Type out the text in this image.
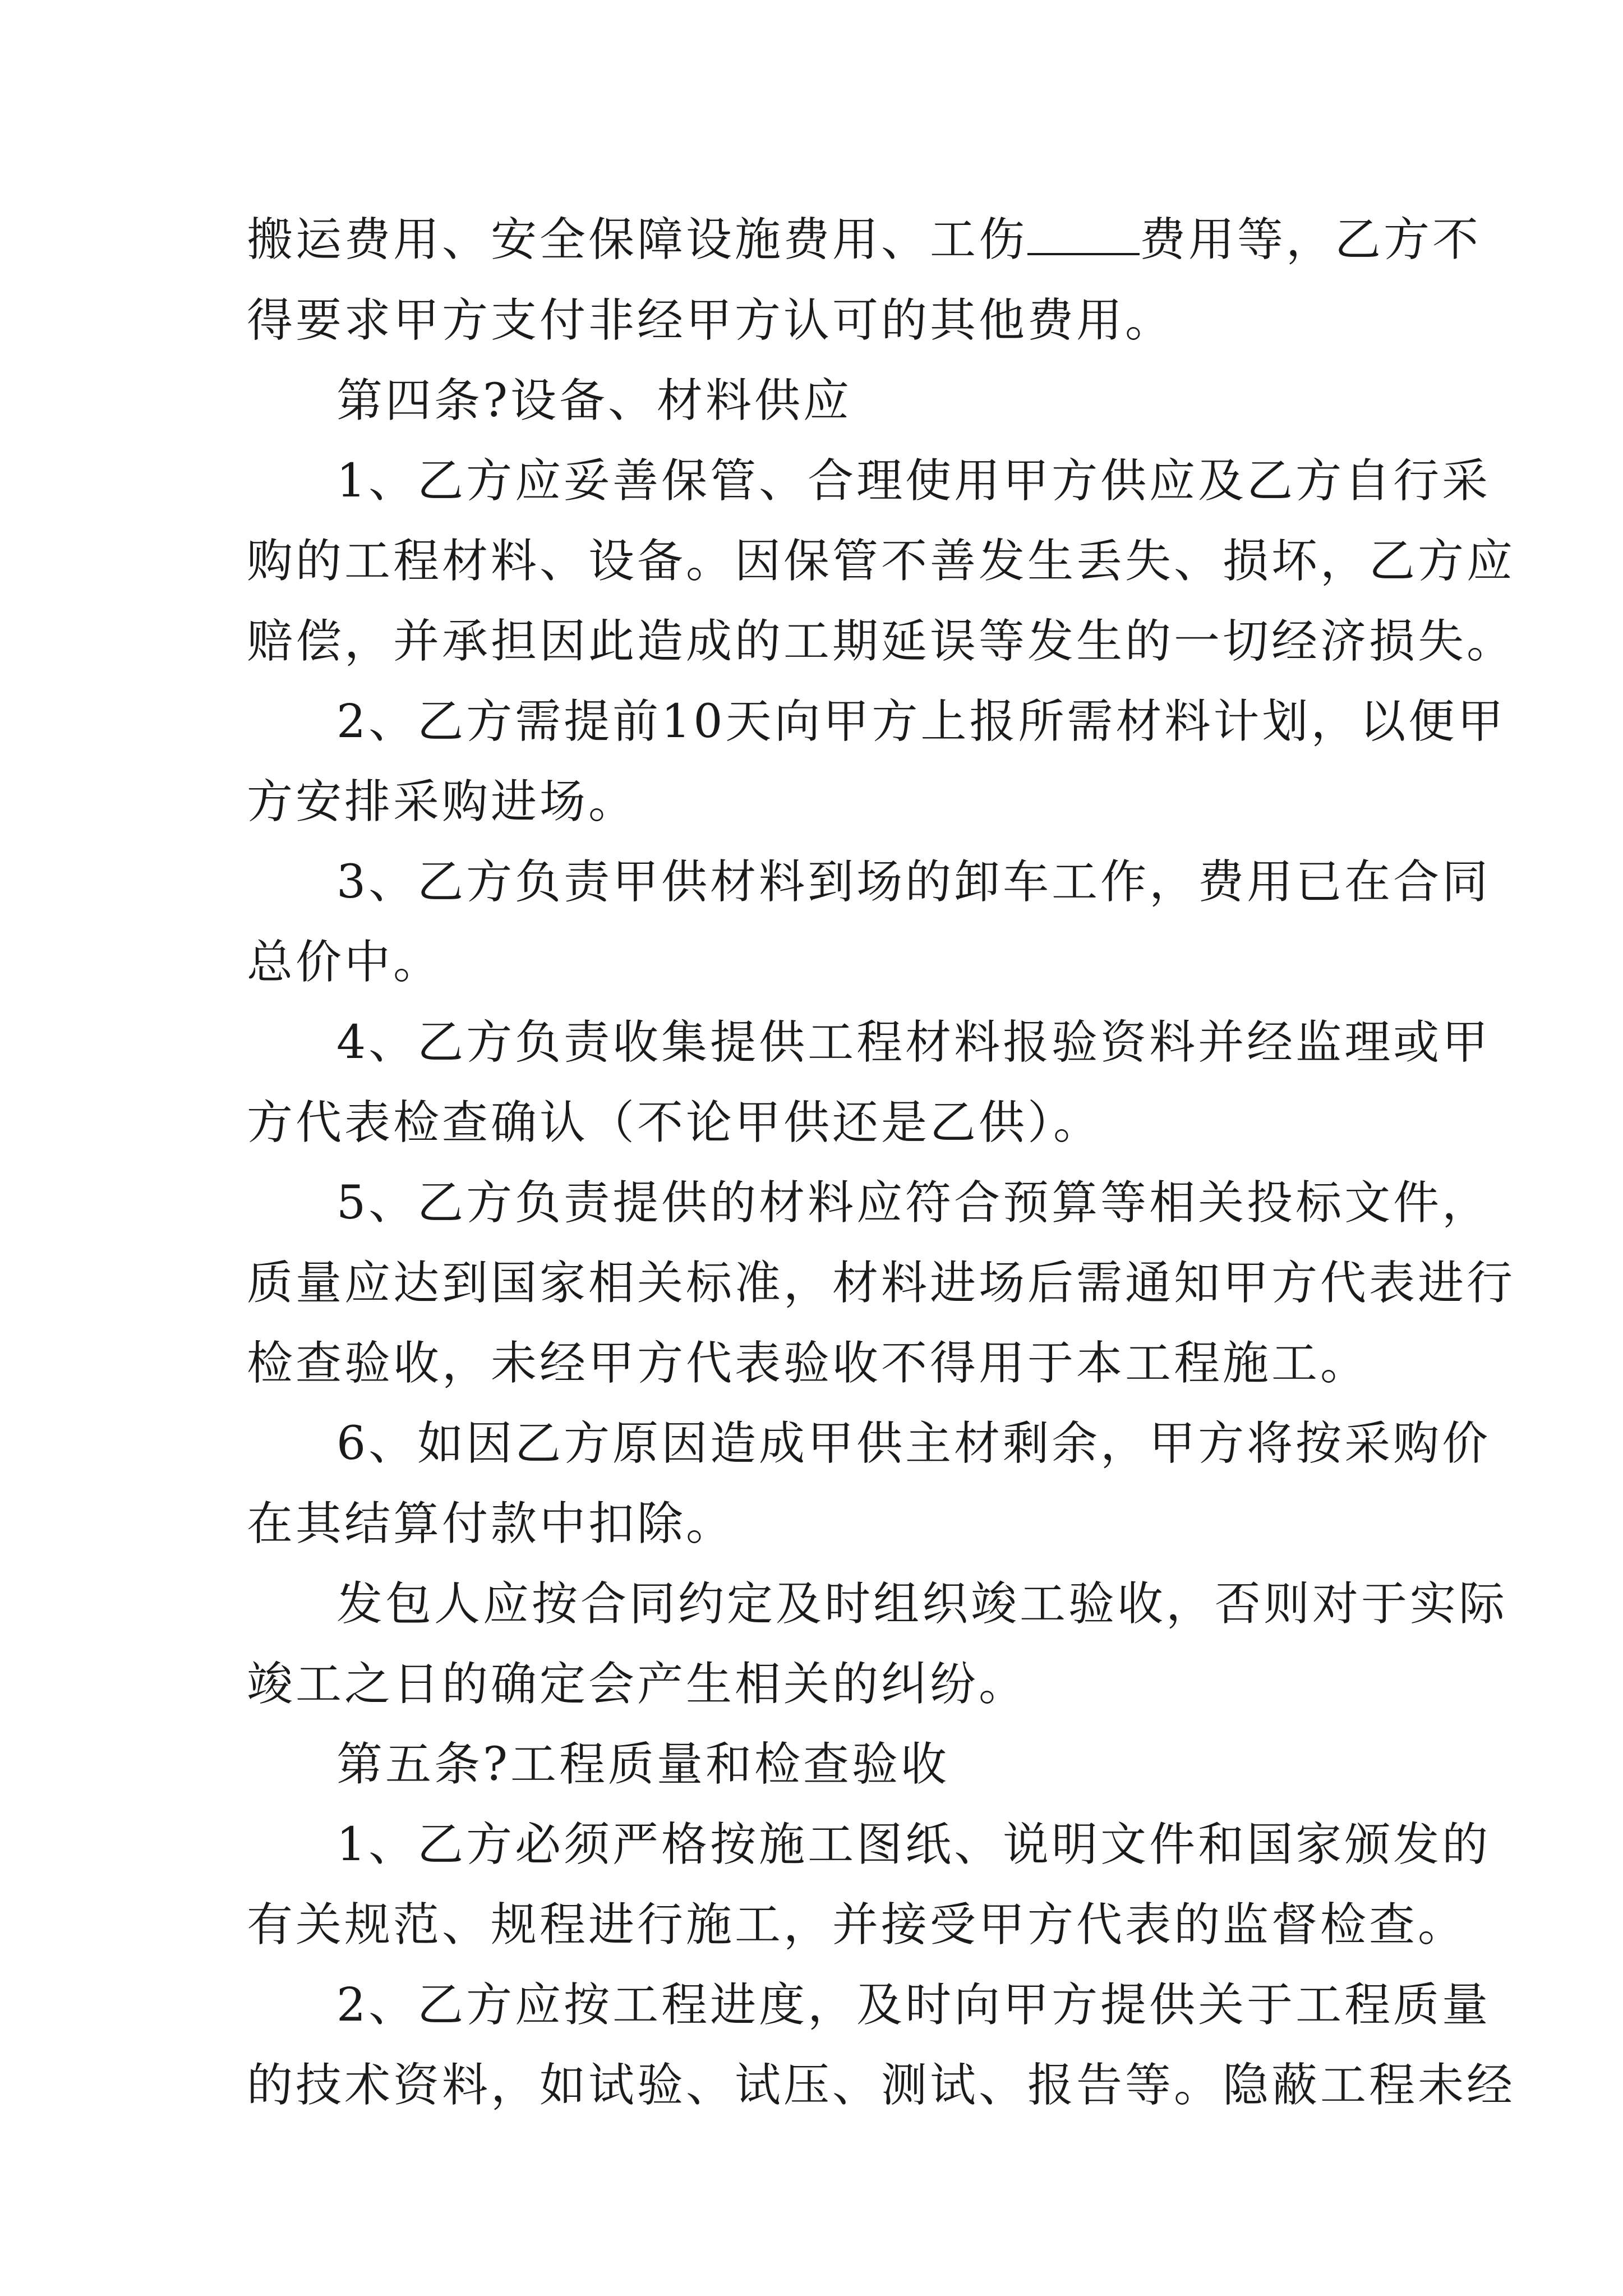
搬运费用、安全保障设施费用、工伤 费用等，乙方不
得要求甲方支付非经甲方认可的其他费用。
第四条?设备、材料供应
1、乙方应妥善保管、合理使用甲方供应及乙方自行采
购的工程材料、设备。因保管不善发生丢失、损坏，乙方应
赔偿，并承担因此造成的工期延误等发生的一切经济损失。
2、乙方需提前10天向甲方上报所需材料计划，以便甲
方安排采购进场。
3、乙方负责甲供材料到场的卸车工作，费用已在合同
总价中。
4、乙方负责收集提供工程材料报验资料并经监理或甲
方代表检查确认（不论甲供还是乙供）。
5、乙方负责提供的材料应符合预算等相关投标文件，
质量应达到国家相关标准，材料进场后需通知甲方代表进行
检查验收，未经甲方代表验收不得用于本工程施工。
6、如因乙方原因造成甲供主材剩余，甲方将按采购价
在其结算付款中扣除。
发包人应按合同约定及时组织竣工验收，否则对于实际
竣工之日的确定会产生相关的纠纷。
第五条?工程质量和检查验收
1、乙方必须严格按施工图纸、说明文件和国家颁发的
有关规范、规程进行施工，并接受甲方代表的监督检查。
2、乙方应按工程进度，及时向甲方提供关于工程质量
的技术资料，如试验、试压、测试、报告等。隐蔽工程未经
